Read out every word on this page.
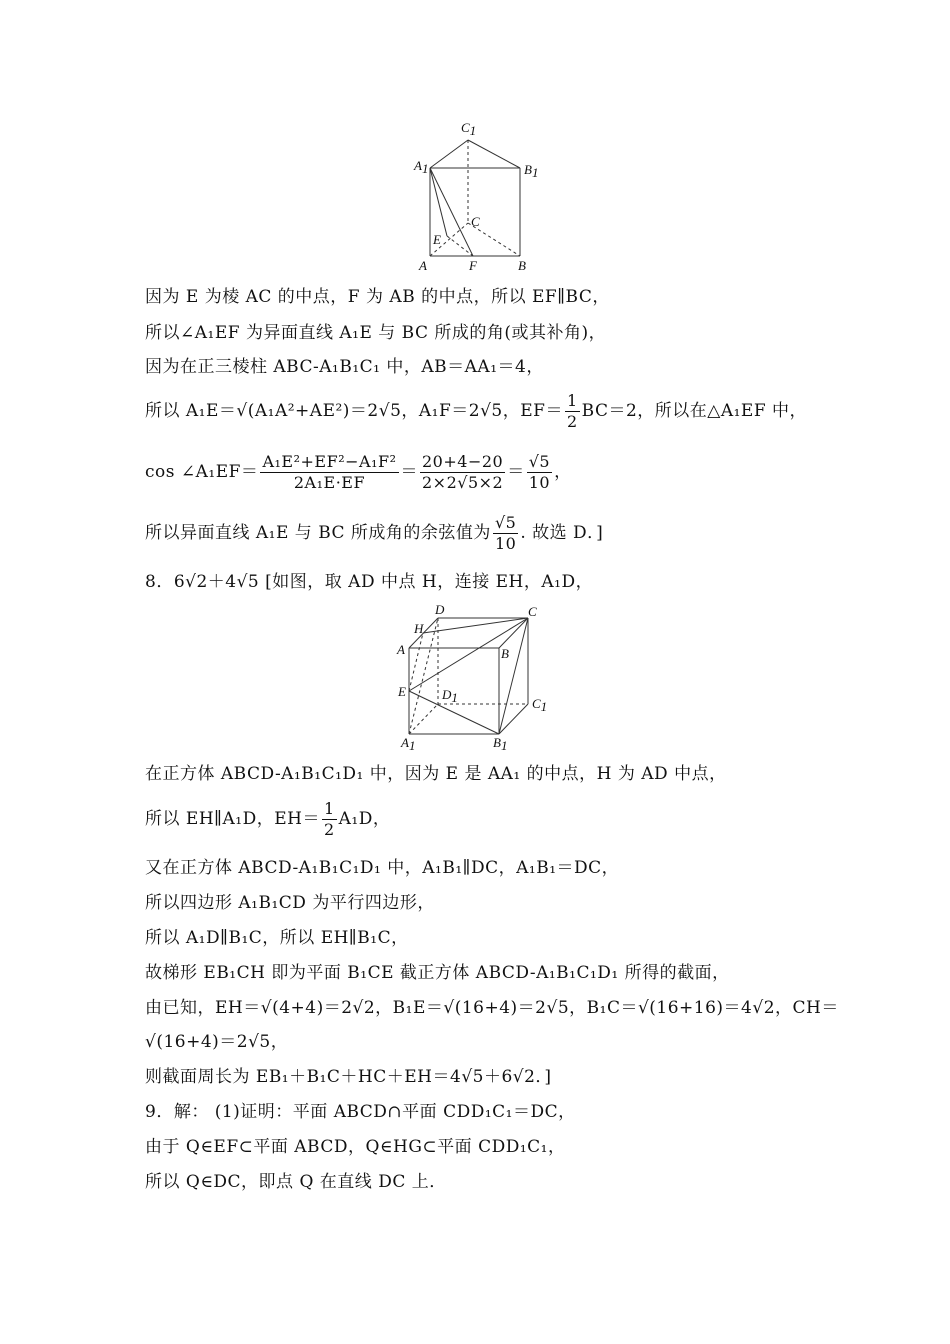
C1
A1	B1
C
E
A	F	B
因为 E 为棱 AC 的中点，F 为 AB 的中点，所以 EF∥BC，
所以∠A₁EF 为异面直线 A₁E 与 BC 所成的角(或其补角)，
因为在正三棱柱 ABC-A₁B₁C₁ 中，AB＝AA₁＝4，
所以 A₁E＝√(A₁A²+AE²)＝2√5，A₁F＝2√5，$EF= \frac{1}{2} BC=2$，所以在△A₁EF 中，
cos ∠A₁EF＝ $\frac{\text{A₁E²+EF²−A₁F²}}{\text{2A₁E·EF}} = \frac{20+4-20}{2\times 2√5\times 2} = \frac{√5}{10}$ ，
所以异面直线 A₁E 与 BC 所成角的余弦值为 $\frac{√5}{10}$ . 故选 D．]
8．6√2＋4√5 [如图，取 AD 中点 H，连接 EH，A₁D，
D	C
H
A	B
E	D1	C1
A1	B1
在正方体 ABCD-A₁B₁C₁D₁ 中，因为 E 是 AA₁ 的中点，H 为 AD 中点，
所以 EH∥A₁D，$EH= \frac{1}{2} A_1D$，
又在正方体 ABCD-A₁B₁C₁D₁ 中，A₁B₁∥DC，A₁B₁＝DC，
所以四边形 A₁B₁CD 为平行四边形，
所以 A₁D∥B₁C，所以 EH∥B₁C，
故梯形 EB₁CH 即为平面 B₁CE 截正方体 ABCD-A₁B₁C₁D₁ 所得的截面，
由已知，EH＝√(4+4)＝2√2，B₁E＝√(16+4)＝2√5，B₁C＝√(16+16)＝4√2，CH＝
√(16+4)＝2√5，
则截面周长为 EB₁＋B₁C＋HC＋EH＝4√5＋6√2．]
9．解： (1)证明：平面 ABCD∩平面 CDD₁C₁＝DC，
由于 Q∈EF⊂平面 ABCD，Q∈HG⊂平面 CDD₁C₁，
所以 Q∈DC，即点 Q 在直线 DC 上．
